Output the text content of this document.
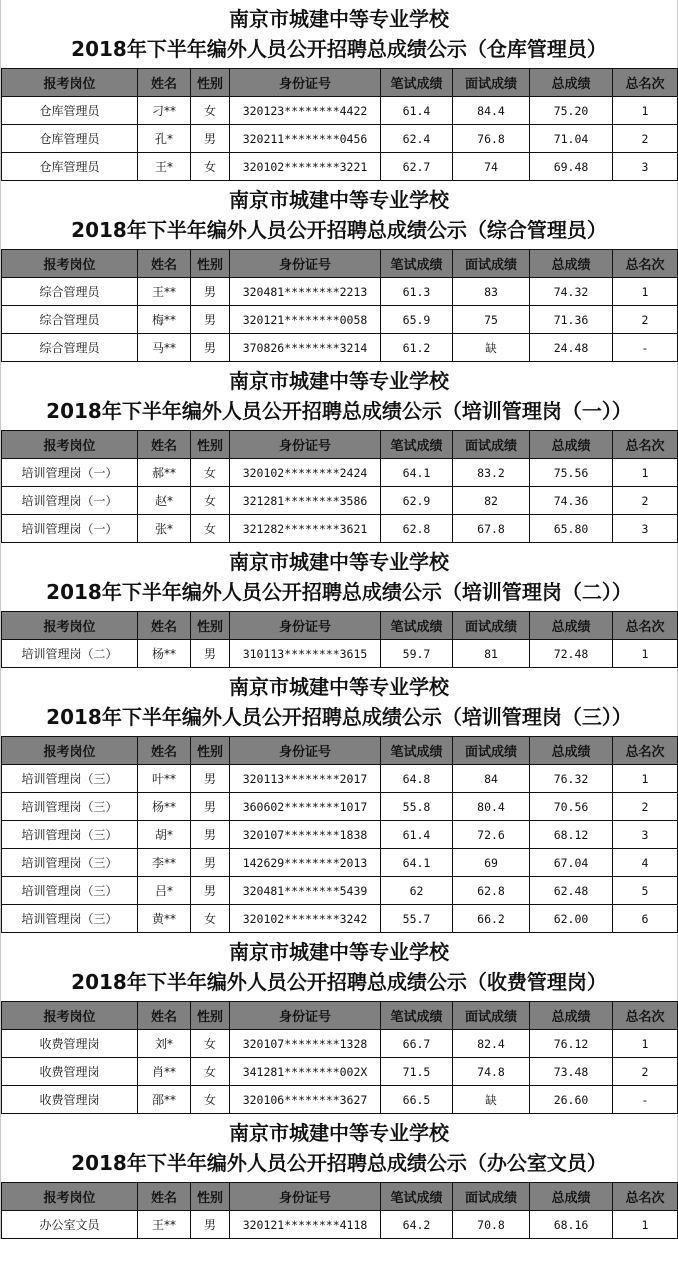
南京市城建中等专业学校
2018年下半年编外人员公开招聘总成绩公示（仓库管理员）
报考岗位	姓名	性别	身份证号	笔试成绩	面试成绩	总成绩	总名次
仓库管理员	刁**	女	320123********4422	61.4	84.4	75.20	1
仓库管理员	孔*	男	320211********0456	62.4	76.8	71.04	2
仓库管理员	王*	女	320102********3221	62.7	74	69.48	3
南京市城建中等专业学校
2018年下半年编外人员公开招聘总成绩公示（综合管理员）
报考岗位	姓名	性别	身份证号	笔试成绩	面试成绩	总成绩	总名次
综合管理员	王**	男	320481********2213	61.3	83	74.32	1
综合管理员	梅**	男	320121********0058	65.9	75	71.36	2
综合管理员	马**	男	370826********3214	61.2	缺	24.48	-
南京市城建中等专业学校
2018年下半年编外人员公开招聘总成绩公示（培训管理岗（一））
报考岗位	姓名	性别	身份证号	笔试成绩	面试成绩	总成绩	总名次
培训管理岗（一）	郝**	女	320102********2424	64.1	83.2	75.56	1
培训管理岗（一）	赵*	女	321281********3586	62.9	82	74.36	2
培训管理岗（一）	张*	女	321282********3621	62.8	67.8	65.80	3
南京市城建中等专业学校
2018年下半年编外人员公开招聘总成绩公示（培训管理岗（二））
报考岗位	姓名	性别	身份证号	笔试成绩	面试成绩	总成绩	总名次
培训管理岗（二）	杨**	男	310113********3615	59.7	81	72.48	1
南京市城建中等专业学校
2018年下半年编外人员公开招聘总成绩公示（培训管理岗（三））
报考岗位	姓名	性别	身份证号	笔试成绩	面试成绩	总成绩	总名次
培训管理岗（三）	叶**	男	320113********2017	64.8	84	76.32	1
培训管理岗（三）	杨**	男	360602********1017	55.8	80.4	70.56	2
培训管理岗（三）	胡*	男	320107********1838	61.4	72.6	68.12	3
培训管理岗（三）	李**	男	142629********2013	64.1	69	67.04	4
培训管理岗（三）	吕*	男	320481********5439	62	62.8	62.48	5
培训管理岗（三）	黄**	女	320102********3242	55.7	66.2	62.00	6
南京市城建中等专业学校
2018年下半年编外人员公开招聘总成绩公示（收费管理岗）
报考岗位	姓名	性别	身份证号	笔试成绩	面试成绩	总成绩	总名次
收费管理岗	刘*	女	320107********1328	66.7	82.4	76.12	1
收费管理岗	肖**	女	341281********002X	71.5	74.8	73.48	2
收费管理岗	邵**	女	320106********3627	66.5	缺	26.60	-
南京市城建中等专业学校
2018年下半年编外人员公开招聘总成绩公示（办公室文员）
报考岗位	姓名	性别	身份证号	笔试成绩	面试成绩	总成绩	总名次
办公室文员	王**	男	320121********4118	64.2	70.8	68.16	1
